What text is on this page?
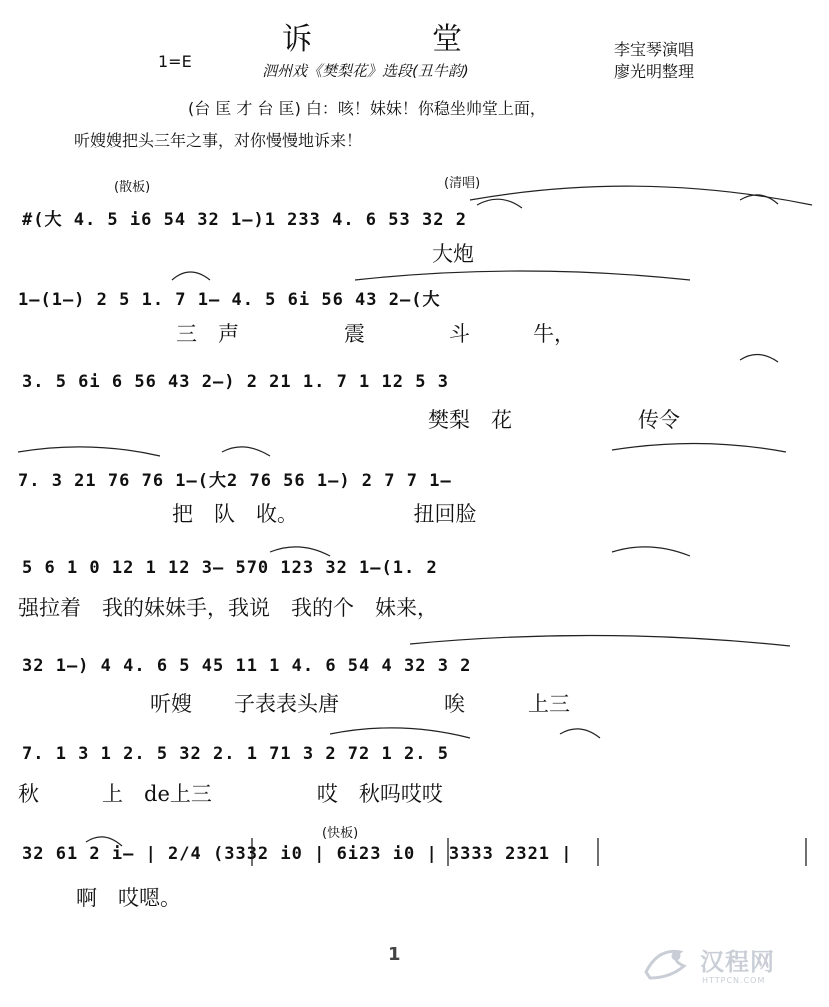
诉　　　　堂
1=E	泗州戏《樊梨花》选段(丑牛韵)
李宝琴演唱
廖光明整理
(台 匡 才 台 匡) 白：咳！妹妹！你稳坐帅堂上面，
听嫂嫂把头三年之事，对你慢慢地诉来！
(散板)	(清唱)
(快板)
#(大 4. 5 i6 54 32 1—)1 233 4. 6 53 32 2
大炮
1—(1—) 2 5 1. 7 1— 4. 5 6i 56 43 2—(大
三　声　　　　　震　　　　斗　　　牛，
3. 5 6i 6 56 43 2—) 2 21 1. 7 1 12 5 3
樊梨　花　　　　　　传令
7. 3 21 76 76 1—(大2 76 56 1—) 2 7 7 1—
把　队　收。　　　　　　扭回脸
5 6 1 0 12 1 12 3— 570 123 32 1—(1. 2
强拉着　我的妹妹手，我说　我的个　妹来，
32 1—) 4 4. 6 5 45 11 1 4. 6 54 4 32 3 2
听嫂　　子表表头唐　　　　　唉　　　上三
7. 1 3 1 2. 5 32 2. 1 71 3 2 72 1 2. 5
秋　　　上　de上三　　　　　哎　秋吗哎哎
32 61 2 i— | 2/4 (3332 i0 | 6i23 i0 | 3333 2321 |
啊　哎嗯。
1	汉程网
HTTPCN.COM
